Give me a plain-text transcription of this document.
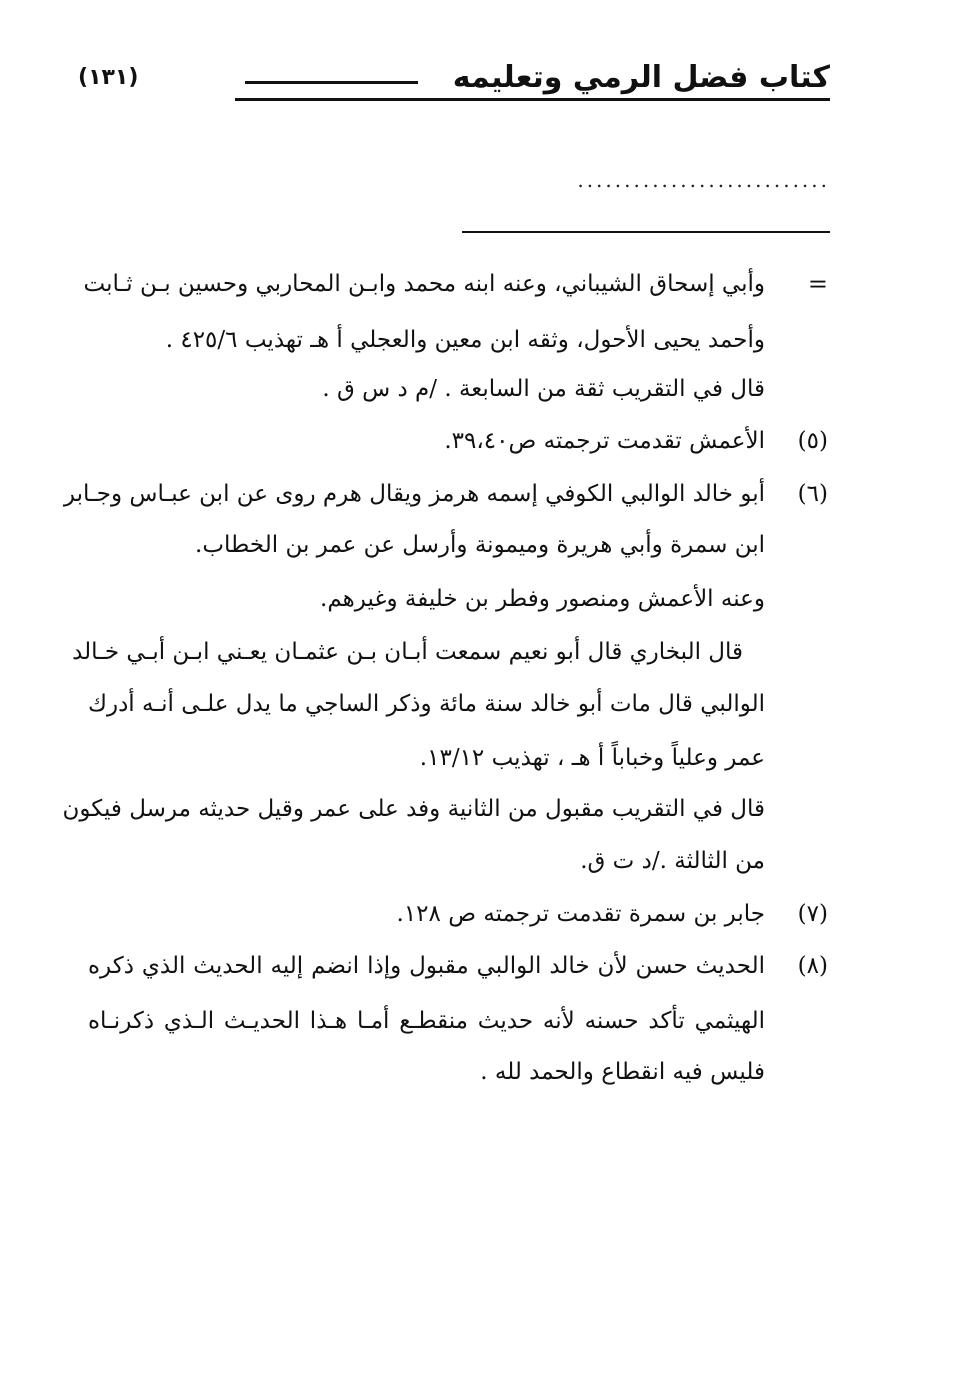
كتاب فضل الرمي وتعليمه
(١٣١)
...........................
=
وأبي إسحاق الشيباني، وعنه ابنه محمد وابـن المحاربي وحسين بـن ثـابت
وأحمد يحيى الأحول، وثقه ابن معين والعجلي أ هـ تهذيب ٤٢٥/٦ .
قال في التقريب ثقة من السابعة . /م د س ق .
(٥)
الأعمش تقدمت ترجمته ص٣٩،٤٠.
(٦)
أبو خالد الوالبي الكوفي إسمه هرمز ويقال هرم روى عن ابن عبـاس وجـابر
ابن سمرة وأبي هريرة وميمونة وأرسل عن عمر بن الخطاب.
وعنه الأعمش ومنصور وفطر بن خليفة وغيرهم.
قال البخاري قال أبو نعيم سمعت أبـان بـن عثمـان يعـني ابـن أبـي خـالد
الوالبي قال مات أبو خالد سنة مائة وذكر الساجي ما يدل علـى أنـه أدرك
عمر وعلياً وخباباً أ هـ ، تهذيب ١٣/١٢.
قال في التقريب مقبول من الثانية وفد على عمر وقيل حديثه مرسل فيكون
من الثالثة ./د ت ق.
(٧)
جابر بن سمرة تقدمت ترجمته ص ١٢٨.
(٨)
الحديث حسن لأن خالد الوالبي مقبول وإذا انضم إليه الحديث الذي ذكره
الهيثمي تأكد حسنه لأنه حديث منقطـع أمـا هـذا الحديـث الـذي ذكرنـاه
فليس فيه انقطاع والحمد لله .
